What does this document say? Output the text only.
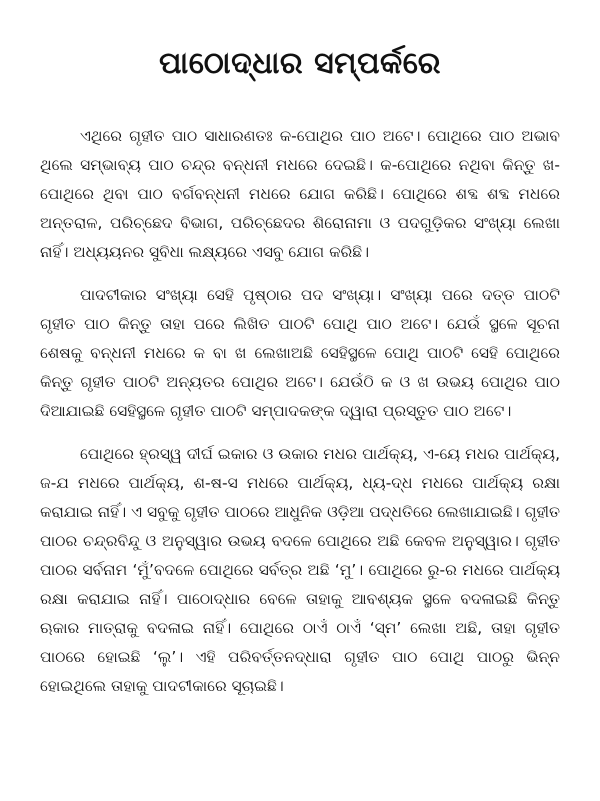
ପାଠୋଦ୍ଧାର ସମ୍ପର୍କରେ

ଏଥିରେ ଗୃହୀତ ପାଠ ସାଧାରଣତଃ କ-ପୋଥିର ପାଠ ଅଟେ। ପୋଥିରେ ପାଠ ଅଭାବ ଥିଲେ ସମ୍ଭାବ୍ୟ ପାଠ ଚନ୍ଦ୍ର ବନ୍ଧନୀ ମଧରେ ଦେଇଛି। କ-ପୋଥିରେ ନଥିବା କିନ୍ତୁ ଖ-ପୋଥିରେ ଥିବା ପାଠ ବର୍ଗବନ୍ଧନୀ ମଧରେ ଯୋଗ କରିଛି। ପୋଥିରେ ଶବ୍ଦ ଶବ୍ଦ ମଧରେ ଅନ୍ତରାଳ, ପରିଚ୍ଛେଦ ବିଭାଗ, ପରିଚ୍ଛେଦର ଶିରୋନାମା ଓ ପଦଗୁଡ଼ିକର ସଂଖ୍ୟା ଲେଖା ନାହିଁ। ଅଧ୍ୟୟନର ସୁବିଧା ଲକ୍ଷ୍ୟରେ ଏସବୁ ଯୋଗ କରିଛି।

ପାଦଟୀକାର ସଂଖ୍ୟା ସେହି ପୃଷ୍ଠାର ପଦ ସଂଖ୍ୟା। ସଂଖ୍ୟା ପରେ ଦତ୍ତ ପାଠଟି ଗୃହୀତ ପାଠ କିନ୍ତୁ ତାହା ପରେ ଲିଖିତ ପାଠଟି ପୋଥି ପାଠ ଅଟେ। ଯେଉଁ ସ୍ଥଳେ ସୂଚନା ଶେଷକୁ ବନ୍ଧନୀ ମଧରେ କ ବା ଖ ଲେଖାଅଛି ସେହିସ୍ଥଳେ ପୋଥି ପାଠଟି ସେହି ପୋଥିରେ କିନ୍ତୁ ଗୃହୀତ ପାଠଟି ଅନ୍ୟତର ପୋଥିର ଅଟେ। ଯେଉଁଠି କ ଓ ଖ ଉଭୟ ପୋଥିର ପାଠ ଦିଆଯାଇଛି ସେହିସ୍ଥଳେ ଗୃହୀତ ପାଠଟି ସମ୍ପାଦକଙ୍କ ଦ୍ୱାରା ପ୍ରସ୍ତୁତ ପାଠ ଅଟେ।

ପୋଥିରେ ହ୍ରସ୍ୱ ଦୀର୍ଘ ଇକାର ଓ ଉକାର ମଧର ପାର୍ଥକ୍ୟ, ଏ-ୟେ ମଧର ପାର୍ଥକ୍ୟ, ଜ-ଯ ମଧରେ ପାର୍ଥକ୍ୟ, ଶ-ଷ-ସ ମଧରେ ପାର୍ଥକ୍ୟ, ଧ୍ୟ-ଦ୍ଧ ମଧରେ ପାର୍ଥକ୍ୟ ରକ୍ଷା କରାଯାଇ ନାହିଁ। ଏ ସବୁକୁ ଗୃହୀତ ପାଠରେ ଆଧୁନିକ ଓଡ଼ିଆ ପଦ୍ଧତିରେ ଲେଖାଯାଇଛି। ଗୃହୀତ ପାଠର ଚନ୍ଦ୍ରବିନ୍ଦୁ ଓ ଅନୁସ୍ୱାର ଉଭୟ ବଦଳେ ପୋଥିରେ ଅଛି କେବଳ ଅନୁସ୍ୱାର। ଗୃହୀତ ପାଠର ସର୍ବନାମ ‘ମୁଁ’ବଦଳେ ପୋଥିରେ ସର୍ବତ୍ର ଅଛି ‘ମୁ’। ପୋଥିରେ ରୁ-ର ମଧରେ ପାର୍ଥକ୍ୟ ରକ୍ଷା କରାଯାଇ ନାହିଁ। ପାଠୋଦ୍ଧାର ବେଳେ ତାହାକୁ ଆବଶ୍ୟକ ସ୍ଥଳେ ବଦଳାଇଛି କିନ୍ତୁ ଋକାର ମାତ୍ରାକୁ ବଦଳାଇ ନାହିଁ। ପୋଥିରେ ଠାଏଁ ଠାଏଁ ‘ସ୍ମ’ ଲେଖା ଅଛି, ତାହା ଗୃହୀତ ପାଠରେ ହୋଇଛି ‘ଲୁ’। ଏହି ପରିବର୍ତ୍ତନଦ୍ଧାରା ଗୃହୀତ ପାଠ ପୋଥି ପାଠରୁ ଭିନ୍ନ ହୋଇଥିଲେ ତାହାକୁ ପାଦଟୀକାରେ ସୂଚାଇଛି।
